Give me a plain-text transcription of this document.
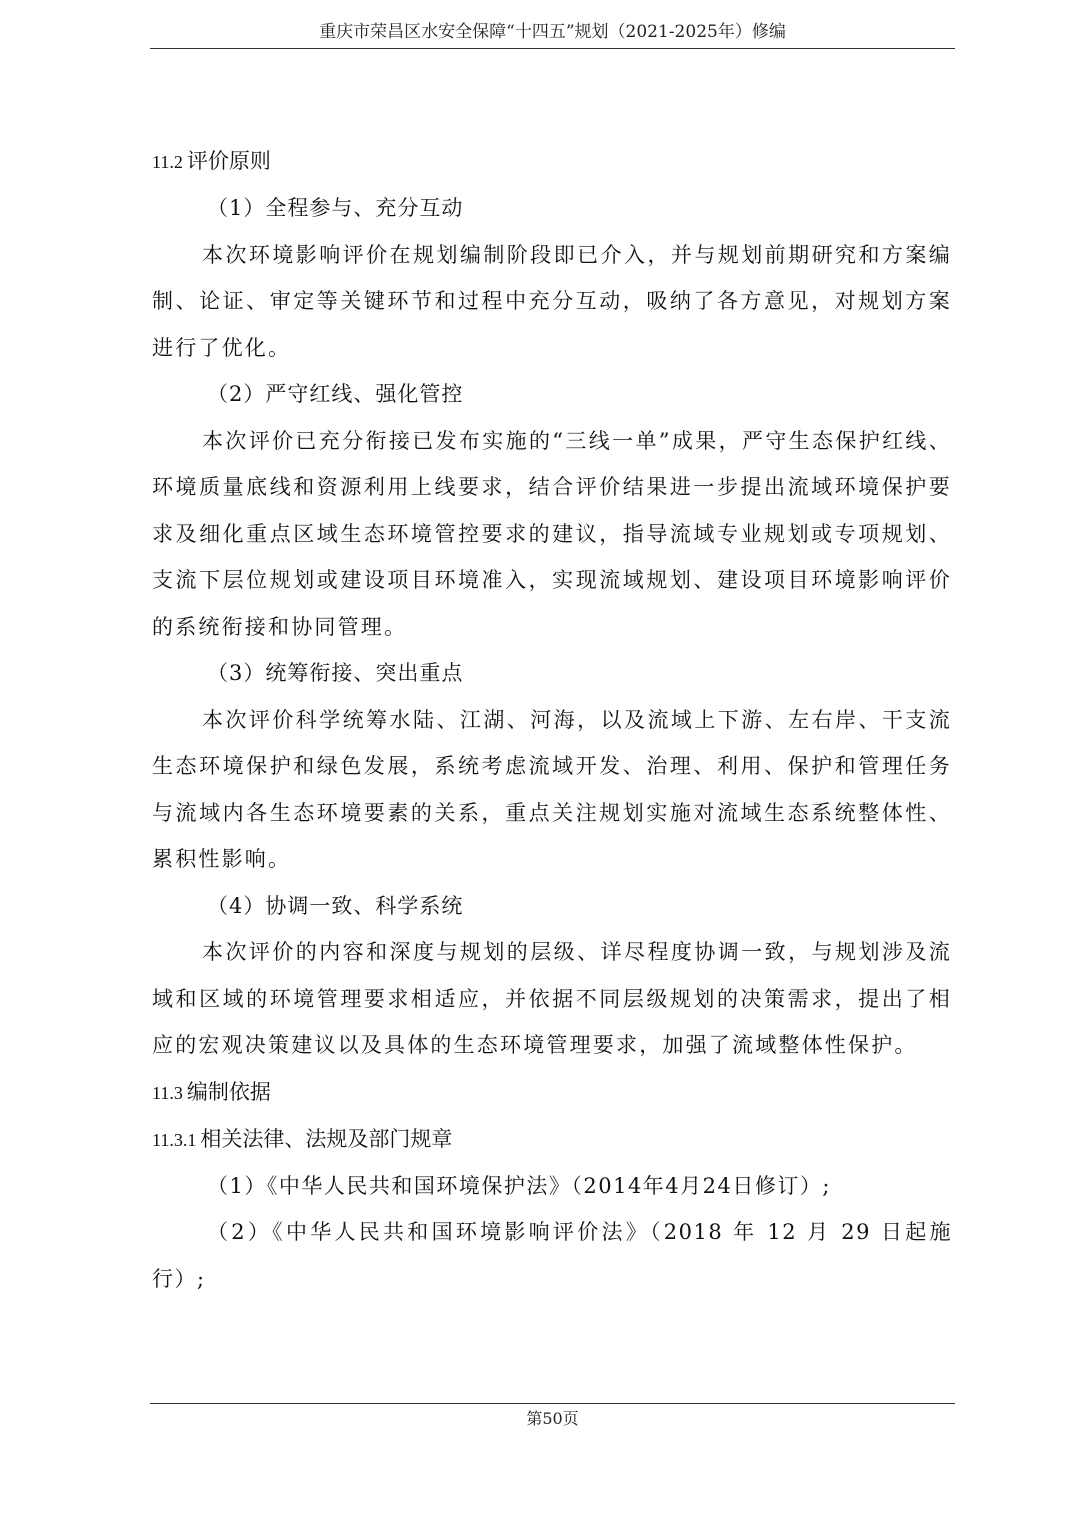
重庆市荣昌区水安全保障“十四五”规划（2021-2025年）修编
11.2 评价原则

（1）全程参与、充分互动

本次环境影响评价在规划编制阶段即已介入，并与规划前期研究和方案编制、论证、审定等关键环节和过程中充分互动，吸纳了各方意见，对规划方案进行了优化。

（2）严守红线、强化管控

本次评价已充分衔接已发布实施的“三线一单”成果，严守生态保护红线、环境质量底线和资源利用上线要求，结合评价结果进一步提出流域环境保护要求及细化重点区域生态环境管控要求的建议，指导流域专业规划或专项规划、支流下层位规划或建设项目环境准入，实现流域规划、建设项目环境影响评价的系统衔接和协同管理。

（3）统筹衔接、突出重点

本次评价科学统筹水陆、江湖、河海，以及流域上下游、左右岸、干支流生态环境保护和绿色发展，系统考虑流域开发、治理、利用、保护和管理任务与流域内各生态环境要素的关系，重点关注规划实施对流域生态系统整体性、累积性影响。

（4）协调一致、科学系统

本次评价的内容和深度与规划的层级、详尽程度协调一致，与规划涉及流域和区域的环境管理要求相适应，并依据不同层级规划的决策需求，提出了相应的宏观决策建议以及具体的生态环境管理要求，加强了流域整体性保护。

11.3 编制依据
11.3.1 相关法律、法规及部门规章

（1）《中华人民共和国环境保护法》（2014年4月24日修订）;

（2）《中华人民共和国环境影响评价法》（2018 年 12 月 29 日起施行）;

第50页
